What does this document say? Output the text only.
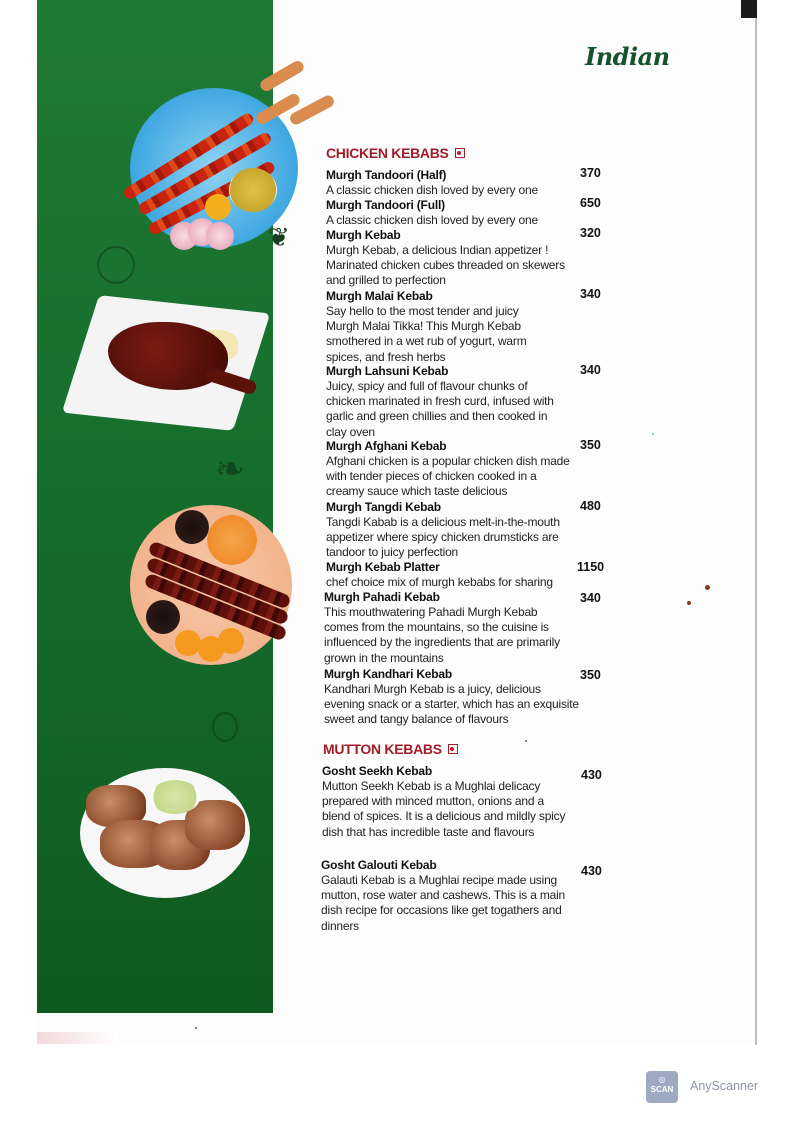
❦
❧
Indian
CHICKEN KEBABS
Murgh Tandoori (Half)
A classic chicken dish loved by every one
370
Murgh Tandoori (Full)
A classic chicken dish loved by every one
650
Murgh Kebab
Murgh Kebab, a delicious Indian appetizer ! Marinated chicken cubes threaded on skewers and grilled to perfection
320
Murgh Malai Kebab
Say hello to the most tender and juicy Murgh Malai Tikka! This Murgh Kebab smothered in a wet rub of yogurt, warm spices, and fresh herbs
340
Murgh Lahsuni Kebab
Juicy, spicy and full of flavour chunks of chicken marinated in fresh curd, infused with garlic and green chillies and then cooked in clay oven
340
Murgh Afghani Kebab
Afghani chicken is a popular chicken dish made with tender pieces of chicken cooked in a creamy sauce which taste delicious
350
Murgh Tangdi Kebab
Tangdi Kabab is a delicious melt-in-the-mouth appetizer where spicy chicken drumsticks are tandoor to juicy perfection
480
Murgh Kebab Platter
chef choice mix of murgh kebabs for sharing
1150
Murgh Pahadi Kebab
This mouthwatering Pahadi Murgh Kebab comes from the mountains, so the cuisine is influenced by the ingredients that are primarily grown in the mountains
340
Murgh Kandhari Kebab
Kandhari Murgh Kebab is a juicy, delicious evening snack or a starter, which has an exquisite sweet and tangy balance of flavours
350
MUTTON KEBABS
Gosht Seekh Kebab
Mutton Seekh Kebab is a Mughlai delicacy prepared with minced mutton, onions and a blend of spices. It is a delicious and mildly spicy dish that has incredible taste and flavours
430
Gosht Galouti Kebab
Galauti Kebab is a Mughlai recipe made using mutton, rose water and cashews. This is a main dish recipe for occasions like get togathers and dinners
430
◎
SCAN	AnyScanner
